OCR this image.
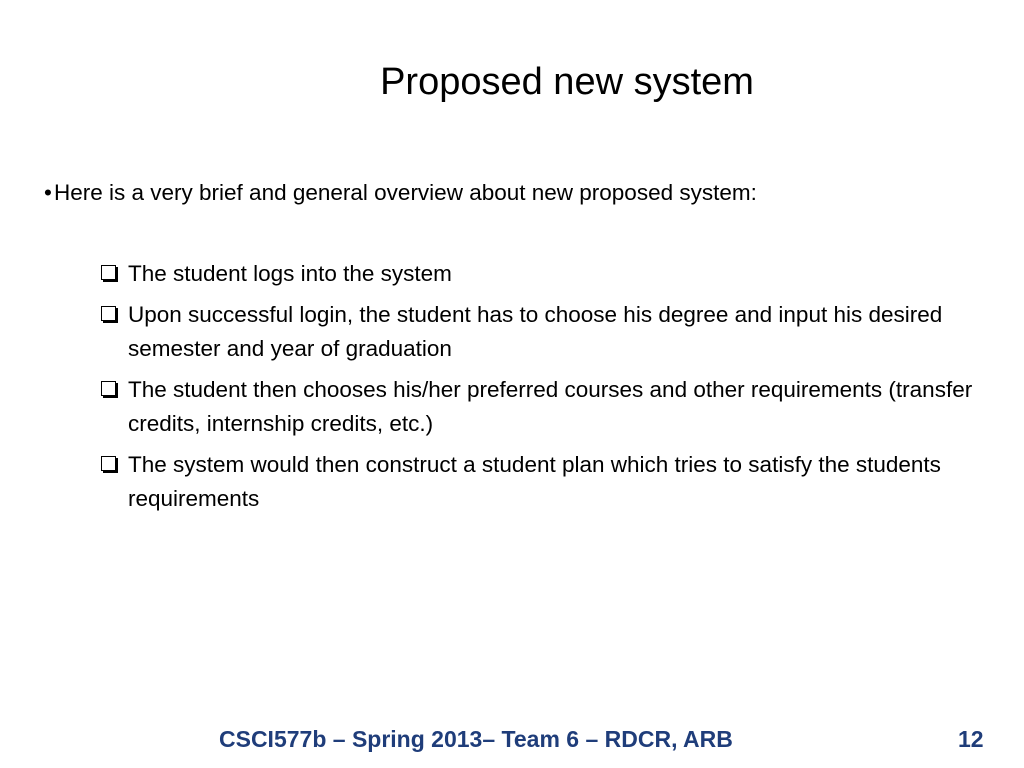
Proposed new system
• Here is a very brief and general overview about new proposed system:
The student logs into the system
Upon successful login, the student has to choose his degree and input his desired semester and year of graduation
The student then chooses his/her preferred courses and other requirements (transfer credits, internship credits, etc.)
The system would then construct a student plan which tries to satisfy the students requirements
CSCI577b – Spring 2013– Team 6 – RDCR, ARB	12
